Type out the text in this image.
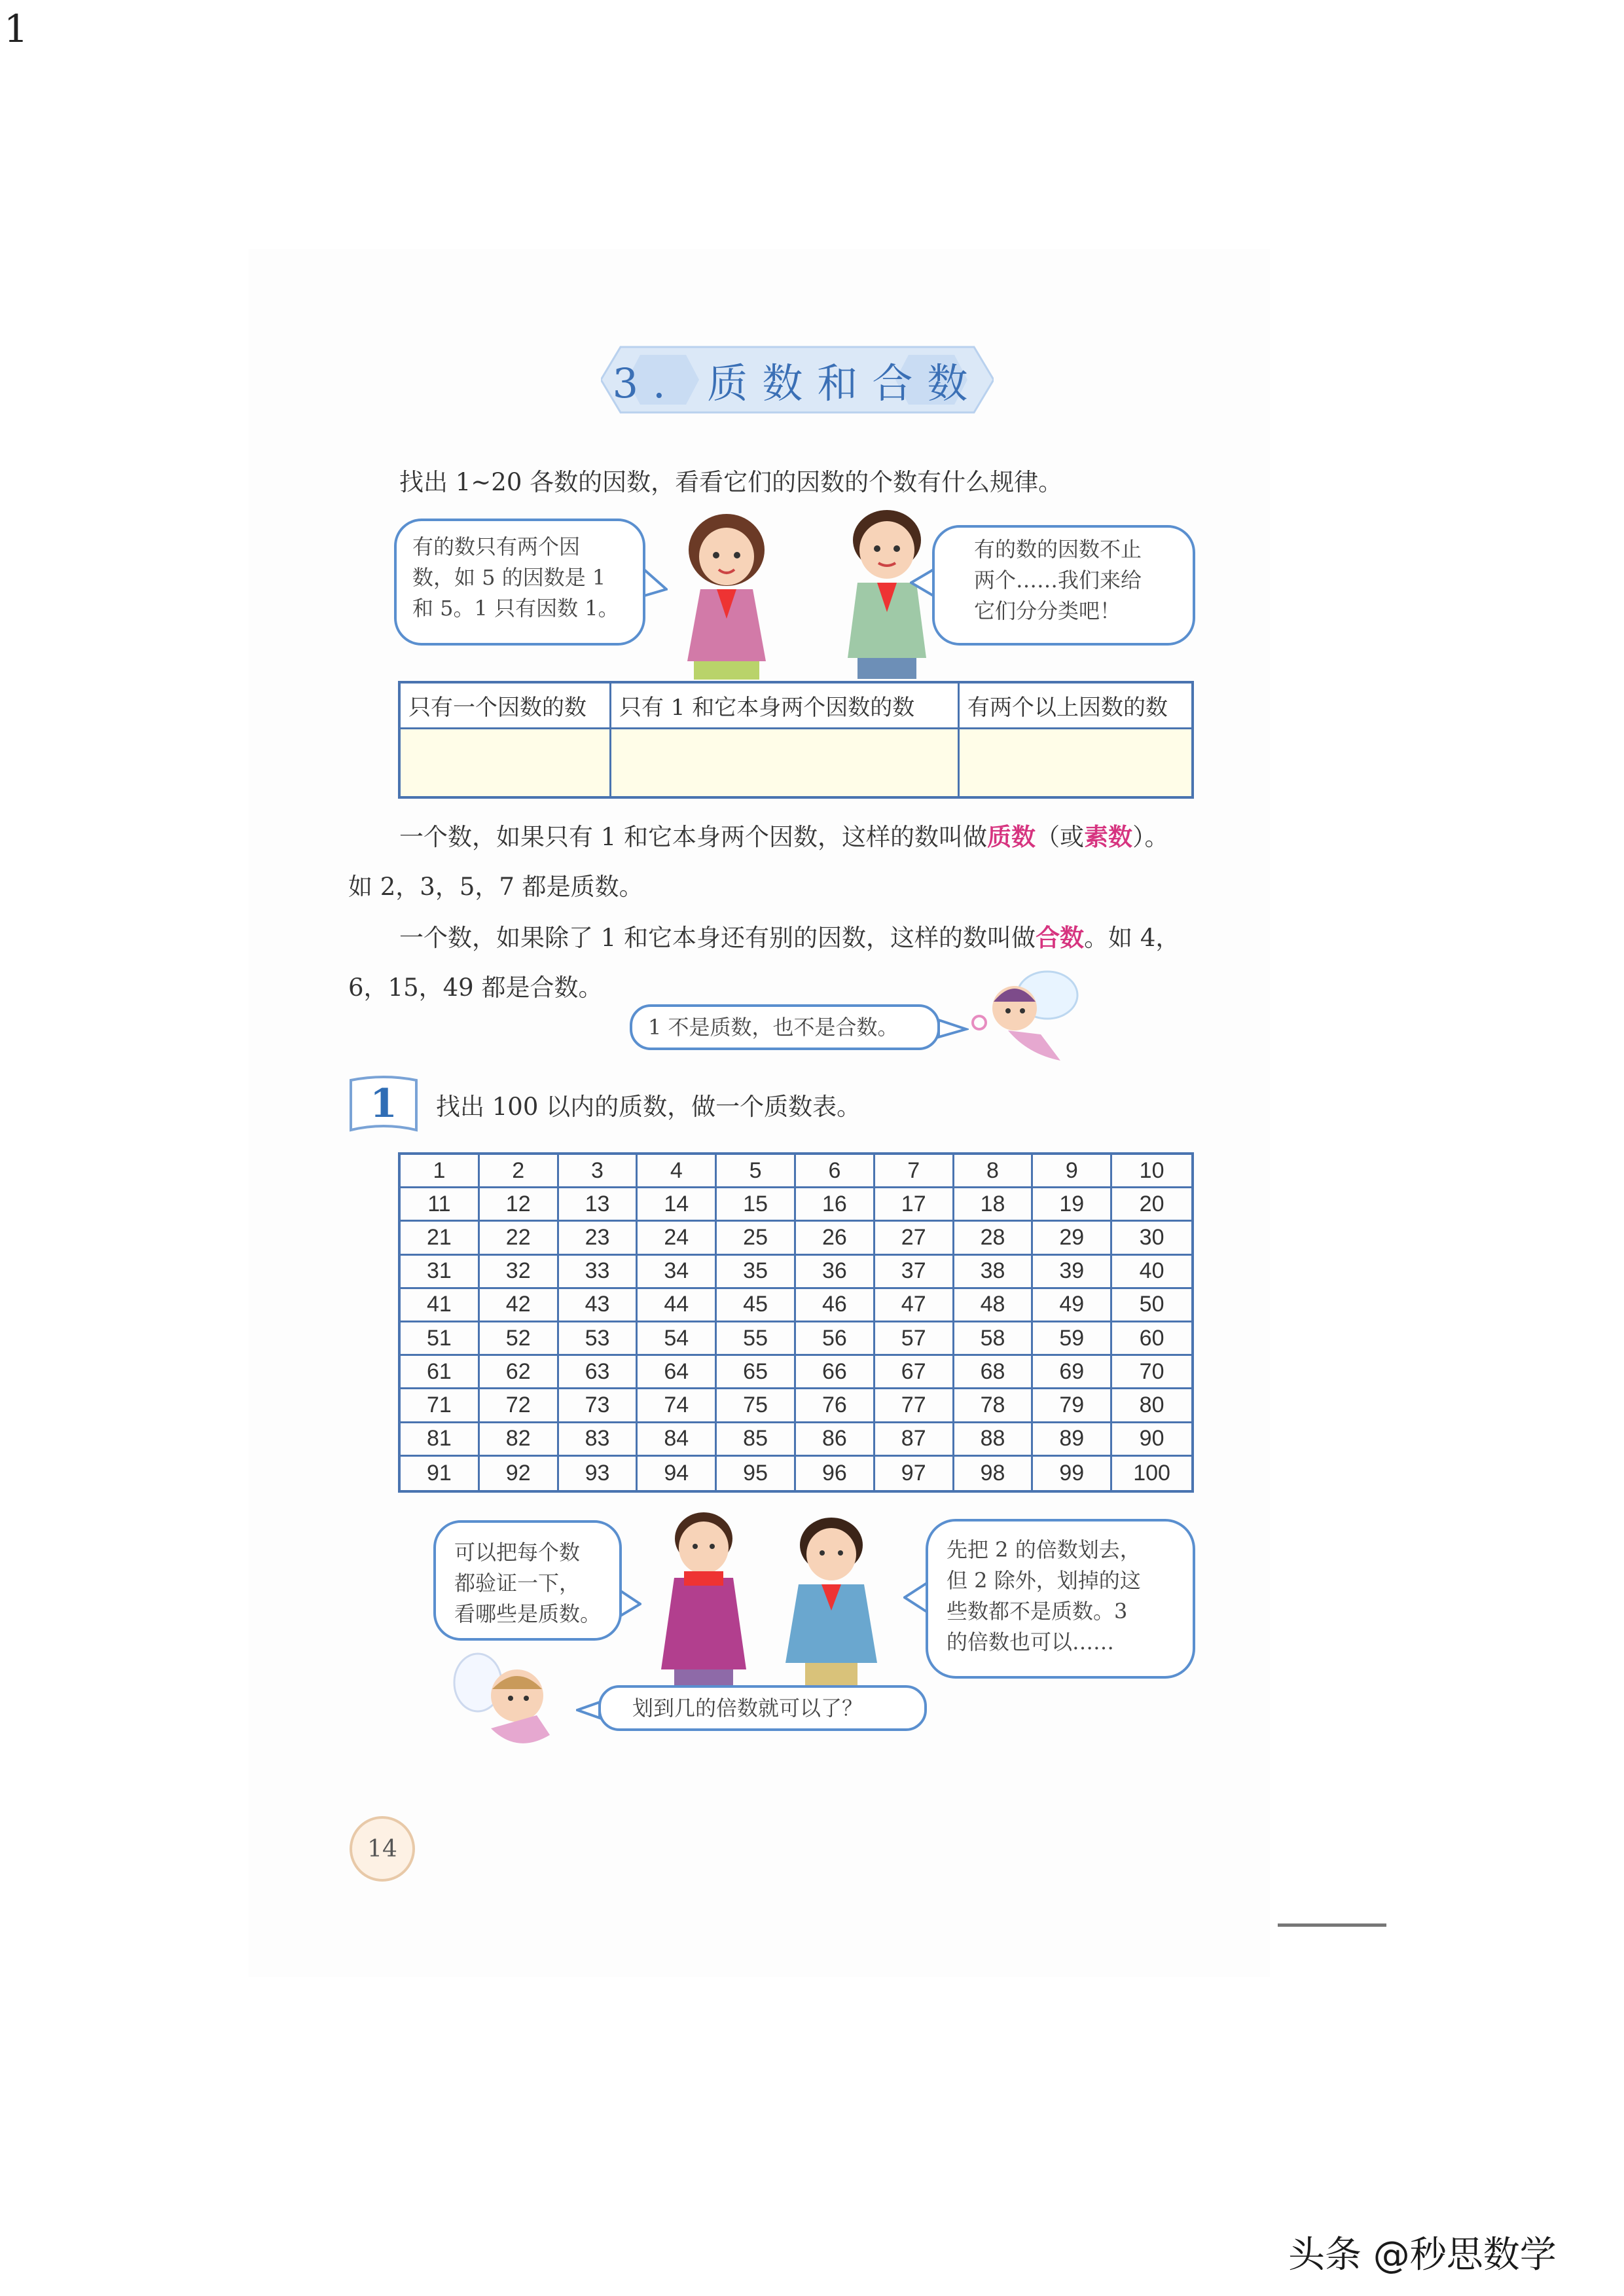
1
3. 质数和合数
找出 1~20 各数的因数，看看它们的因数的个数有什么规律。
有的数只有两个因
数，如 5 的因数是 1
和 5。1 只有因数 1。
有的数的因数不止
两个……我们来给
它们分分类吧！
只有一个因数的数	只有 1 和它本身两个因数的数	有两个以上因数的数
一个数，如果只有 1 和它本身两个因数，这样的数叫做质数（或素数）。
如 2，3，5，7 都是质数。
一个数，如果除了 1 和它本身还有别的因数，这样的数叫做合数。如 4，
6，15，49 都是合数。
1 不是质数，也不是合数。
1	找出 100 以内的质数，做一个质数表。
1	2	3	4	5	6	7	8	9	10
11	12	13	14	15	16	17	18	19	20
21	22	23	24	25	26	27	28	29	30
31	32	33	34	35	36	37	38	39	40
41	42	43	44	45	46	47	48	49	50
51	52	53	54	55	56	57	58	59	60
61	62	63	64	65	66	67	68	69	70
71	72	73	74	75	76	77	78	79	80
81	82	83	84	85	86	87	88	89	90
91	92	93	94	95	96	97	98	99	100
可以把每个数
都验证一下，
看哪些是质数。
先把 2 的倍数划去，
但 2 除外，划掉的这
些数都不是质数。3
的倍数也可以……
划到几的倍数就可以了？
14
头条 @秒思数学
